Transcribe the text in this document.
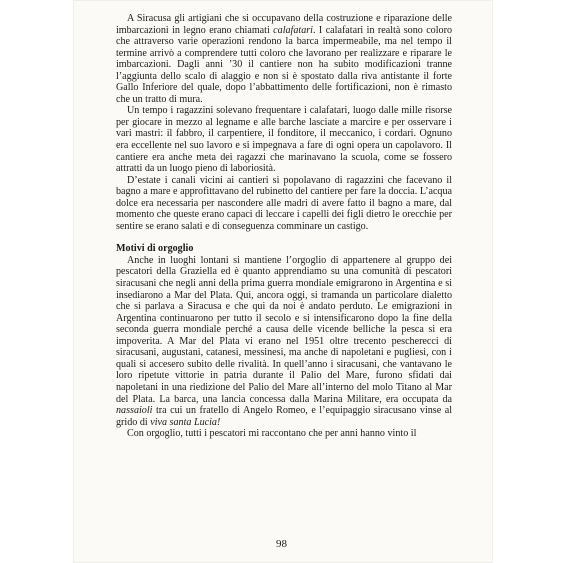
A Siracusa gli artigiani che si occupavano della costruzione e riparazione delle imbarcazioni in legno erano chiamati calafatari. I calafatari in realtà sono coloro che attraverso varie operazioni rendono la barca impermeabile, ma nel tempo il termine arrivò a comprendere tutti coloro che lavorano per realizzare e riparare le imbarcazioni. Dagli anni ’30 il cantiere non ha subito modificazioni tranne l’aggiunta dello scalo di alaggio e non si è spostato dalla riva antistante il forte Gallo Inferiore del quale, dopo l’abbattimento delle fortificazioni, non è rimasto che un tratto di mura.

Un tempo i ragazzini solevano frequentare i calafatari, luogo dalle mille risorse per giocare in mezzo al legname e alle barche lasciate a marcire e per osservare i vari mastri: il fabbro, il carpentiere, il fonditore, il meccanico, i cordari. Ognuno era eccellente nel suo lavoro e si impegnava a fare di ogni opera un capolavoro. Il cantiere era anche meta dei ragazzi che marinavano la scuola, come se fossero attratti da un luogo pieno di laboriosità.

D’estate i canali vicini ai cantieri si popolavano di ragazzini che facevano il bagno a mare e approfittavano del rubinetto del cantiere per fare la doccia. L’acqua dolce era necessaria per nascondere alle madri di avere fatto il bagno a mare, dal momento che queste erano capaci di leccare i capelli dei figli dietro le orecchie per sentire se erano salati e di conseguenza comminare un castigo.

Motivi di orgoglio

Anche in luoghi lontani si mantiene l’orgoglio di appartenere al gruppo dei pescatori della Graziella ed è quanto apprendiamo su una comunità di pescatori siracusani che negli anni della prima guerra mondiale emigrarono in Argentina e si insediarono a Mar del Plata. Qui, ancora oggi, si tramanda un particolare dialetto che si parlava a Siracusa e che qui da noi è andato perduto. Le emigrazioni in Argentina continuarono per tutto il secolo e si intensificarono dopo la fine della seconda guerra mondiale perché a causa delle vicende belliche la pesca si era impoverita. A Mar del Plata vi erano nel 1951 oltre trecento pescherecci di siracusani, augustani, catanesi, messinesi, ma anche di napoletani e pugliesi, con i quali si accesero subito delle rivalità. In quell’anno i siracusani, che vantavano le loro ripetute vittorie in patria durante il Palio del Mare, furono sfidati dai napoletani in una riedizione del Palio del Mare all’interno del molo Titano al Mar del Plata. La barca, una lancia concessa dalla Marina Militare, era occupata da nassaioli tra cui un fratello di Angelo Romeo, e l’equipaggio siracusano vinse al grido di viva santa Lucia!

Con orgoglio, tutti i pescatori mi raccontano che per anni hanno vinto il

98
